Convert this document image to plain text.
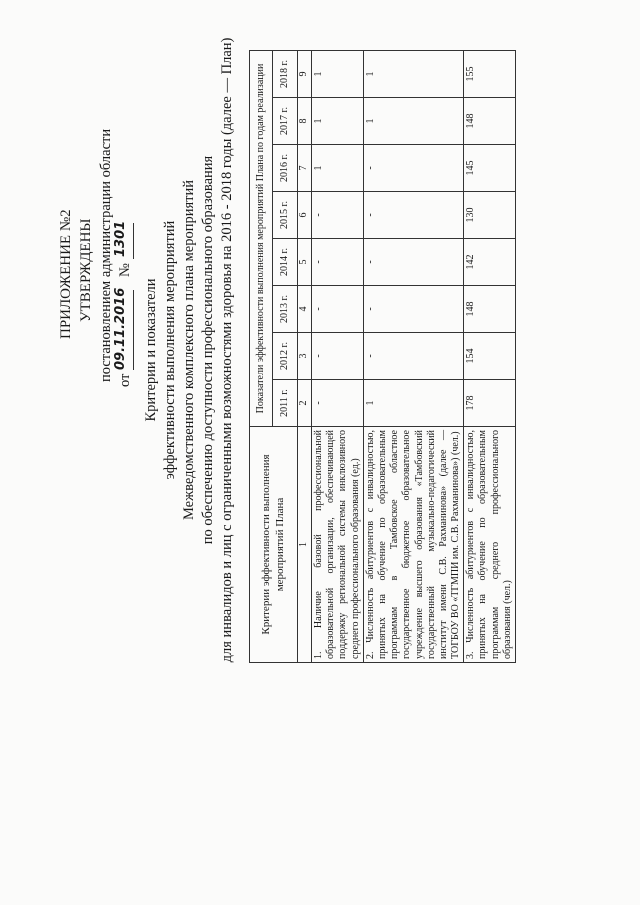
ПРИЛОЖЕНИЕ №2 УТВЕРЖДЕНЫ постановлением администрации области от
09.11.2016
№
1301
Критерии и показатели эффективности выполнения мероприятий Межведомственного комплексного плана мероприятий по обеспечению доступности профессионального образования для инвалидов и лиц с ограниченными возможностями здоровья на 2016 - 2018 годы (далее — План) Критерии эффективности выполнения мероприятий Плана	Показатели эффективности выполнения мероприятий Плана по годам реализации							
	2011 г.	2012 г.	2013 г.	2014 г.	2015 г.	2016 г.	2017 г.	2018 г.
1	2	3	4	5	6	7	8	9
1. Наличие базовой профессиональной образовательной организации, обеспечивающей поддержку региональной системы инклюзивного среднего профессионального образования (ед.)	-	-	-	-	-	1	1	1
2. Численность абитуриентов с инвалидностью, принятых на обучение по образовательным программам в Тамбовское областное государственное бюджетное образовательное учреждение высшего образования «Тамбовский государственный музыкально-педагогический институт имени С.В. Рахманинова» (далее — ТОГБОУ ВО «ТГМПИ им. С.В. Рахманинова») (чел.)	1	-	-	-	-	-	1	1
3. Численность абитуриентов с инвалидностью, принятых на обучение по образовательным программам среднего профессионального образования (чел.)	178	154	148	142	130	145	148	155
